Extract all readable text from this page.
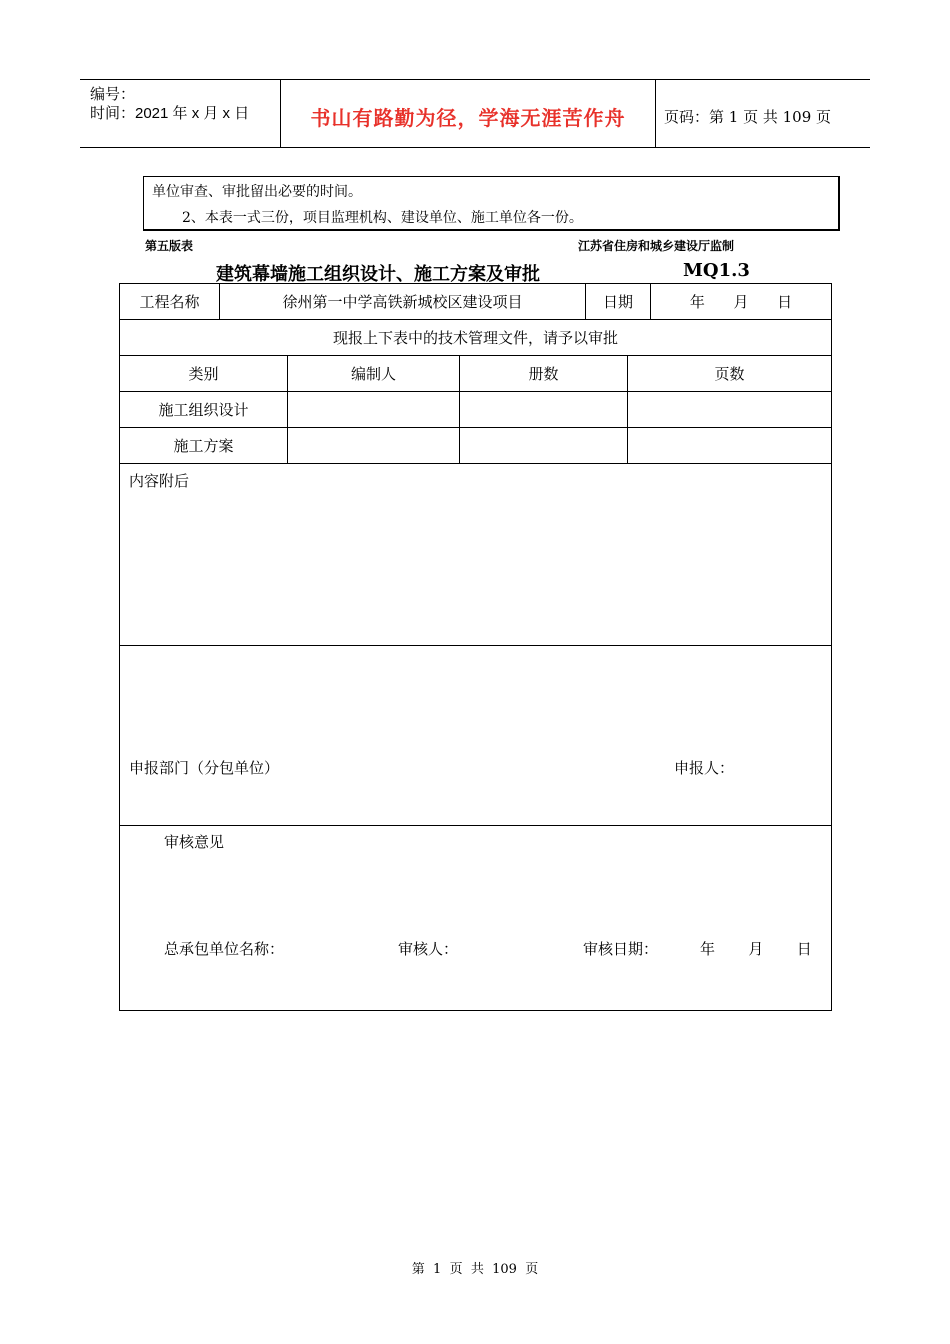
编号：
时间：2021 年 x 月 x 日	书山有路勤为径，学海无涯苦作舟	页码：第 1 页 共 109 页
单位审查、审批留出必要的时间。
2、本表一式三份，项目监理机构、建设单位、施工单位各一份。
第五版表	江苏省住房和城乡建设厅监制
建筑幕墙施工组织设计、施工方案及审批	MQ1.3
工程名称	徐州第一中学高铁新城校区建设项目	日期	年      月      日
现报上下表中的技术管理文件，请予以审批
类别	编制人	册数	页数
施工组织设计
施工方案
内容附后
申报部门（分包单位）	申报人：
审核意见
总承包单位名称：	审核人：	审核日期：	年       月       日
第  1  页  共  109  页
